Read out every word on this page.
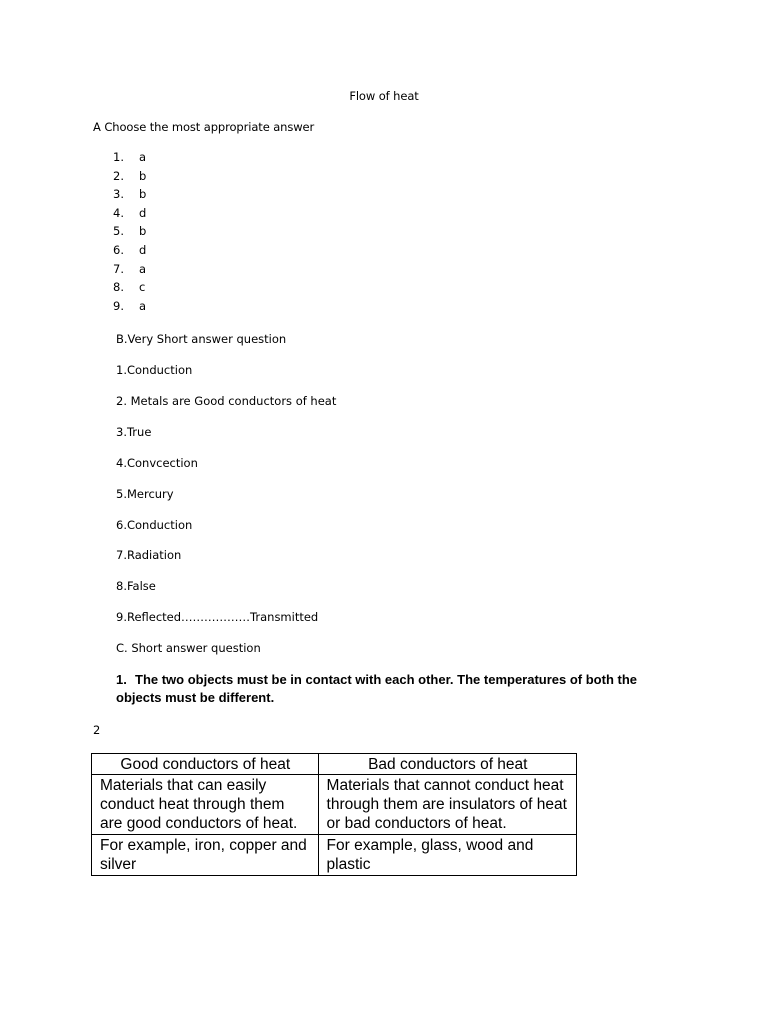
Flow of heat
A Choose the most appropriate answer
1.	a
2.	b
3.	b
4.	d
5.	b
6.	d
7.	a
8.	c
9.	a
B.Very Short answer question
1.Conduction
2. Metals are Good conductors of heat
3.True
4.Convcection
5.Mercury
6.Conduction
7.Radiation
8.False
9.Reflected………………Transmitted
C. Short answer question
1. The two objects must be in contact with each other. The temperatures of both the objects must be different.
2
Good conductors of heat	Bad conductors of heat
Materials that can easily conduct heat through them are good conductors of heat.	Materials that cannot conduct heat through them are insulators of heat or bad conductors of heat.
For example, iron, copper and silver	For example, glass, wood and plastic
